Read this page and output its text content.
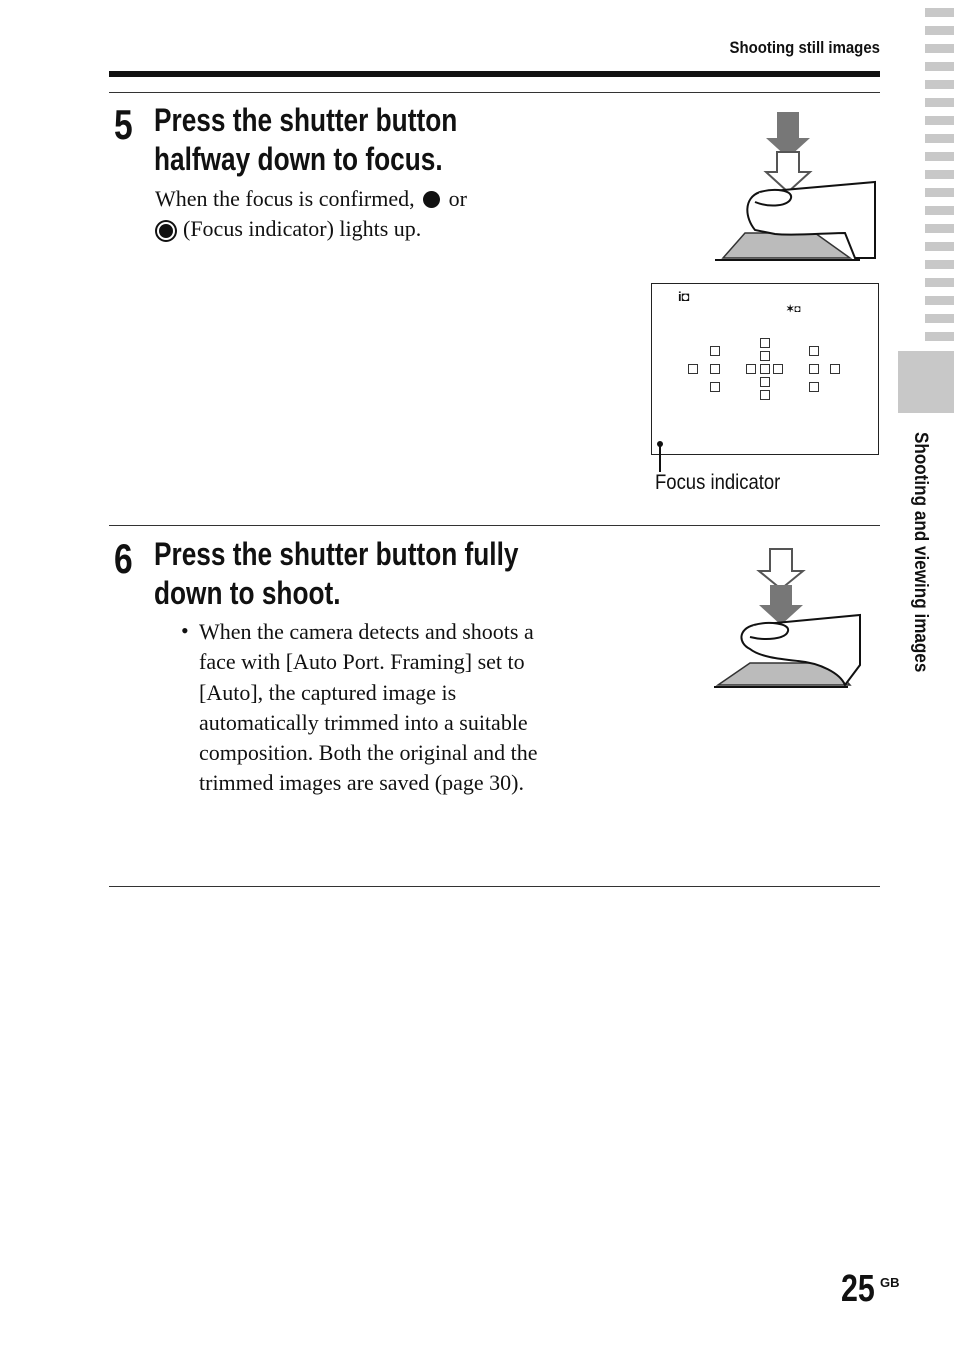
Shooting still images
5 Press the shutter button
halfway down to focus.
When the focus is confirmed, or
(Focus indicator) lights up.
i◘
✶◘
Focus indicator
6 Press the shutter button fully
down to shoot.
• When the camera detects and shoots a face with [Auto Port. Framing] set to [Auto], the captured image is automatically trimmed into a suitable composition. Both the original and the trimmed images are saved (page 30).
Shooting and viewing images
25 GB
